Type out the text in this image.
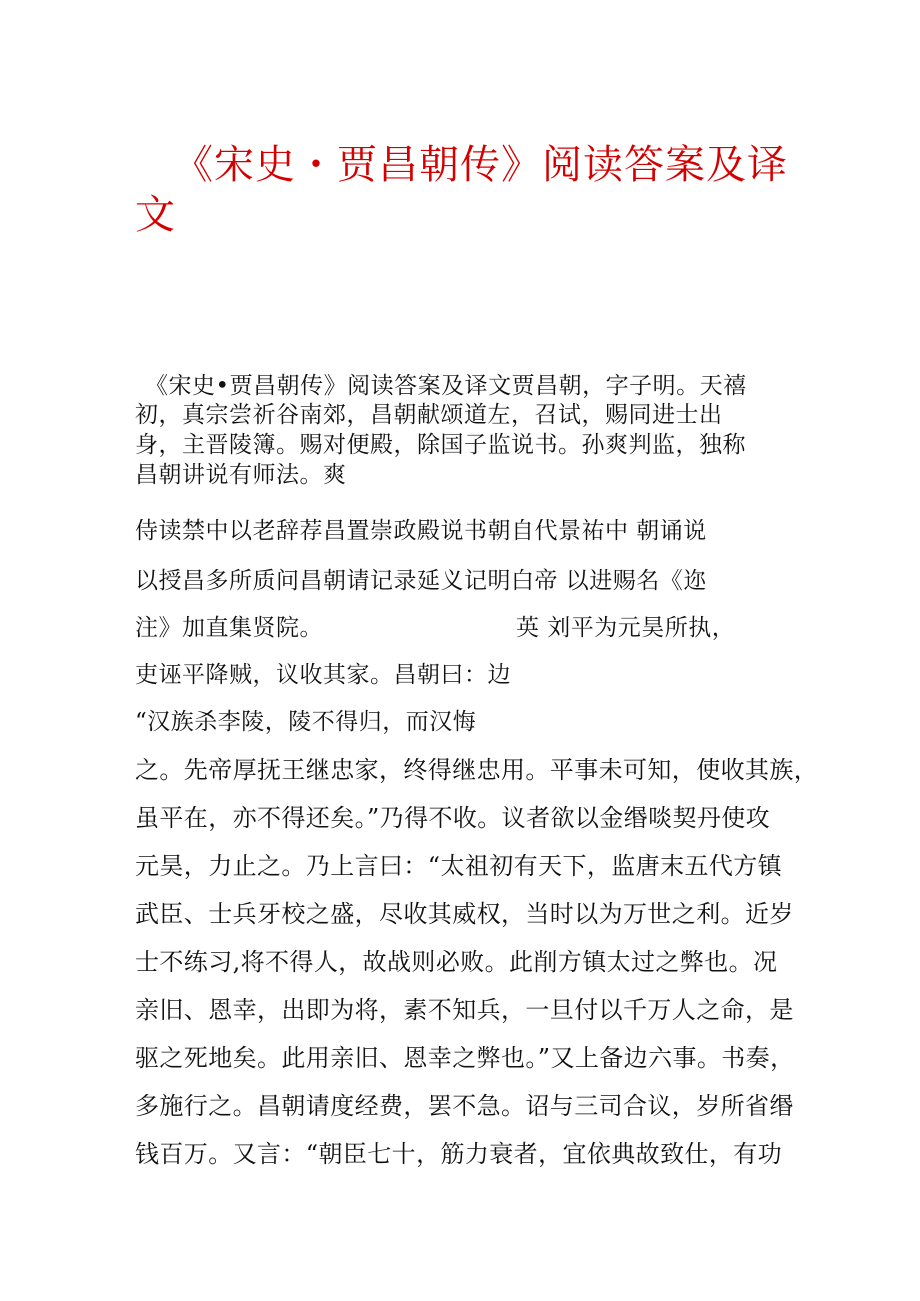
《宋史・贾昌朝传》阅读答案及译
文
《宋史•贾昌朝传》阅读答案及译文贾昌朝，字子明。天禧
初，真宗尝祈谷南郊，昌朝献颂道左，召试，赐同进士出
身，主晋陵簿。赐对便殿，除国子监说书。孙爽判监，独称
昌朝讲说有师法。爽
侍读禁中以老辞荐昌置崇政殿说书朝自代景祐中 朝诵说
以授昌多所质问昌朝请记录延义记明白帝 以进赐名《迩
注》加直集贤院。	英 刘平为元昊所执，
吏诬平降贼，议收其家。昌朝曰：边
“汉族杀李陵，陵不得归，而汉悔
之。先帝厚抚王继忠家，终得继忠用。平事未可知，使收其族，
虽平在，亦不得还矣。”乃得不收。议者欲以金缗啖契丹使攻
元昊，力止之。乃上言曰：“太祖初有天下，监唐末五代方镇
武臣、士兵牙校之盛，尽收其威权，当时以为万世之利。近岁
士不练习,将不得人，故战则必败。此削方镇太过之弊也。况
亲旧、恩幸，出即为将，素不知兵，一旦付以千万人之命，是
驱之死地矣。此用亲旧、恩幸之弊也。”又上备边六事。书奏，
多施行之。昌朝请度经费，罢不急。诏与三司合议，岁所省缗
钱百万。又言：“朝臣七十，筋力衰者，宜依典故致仕，有功
